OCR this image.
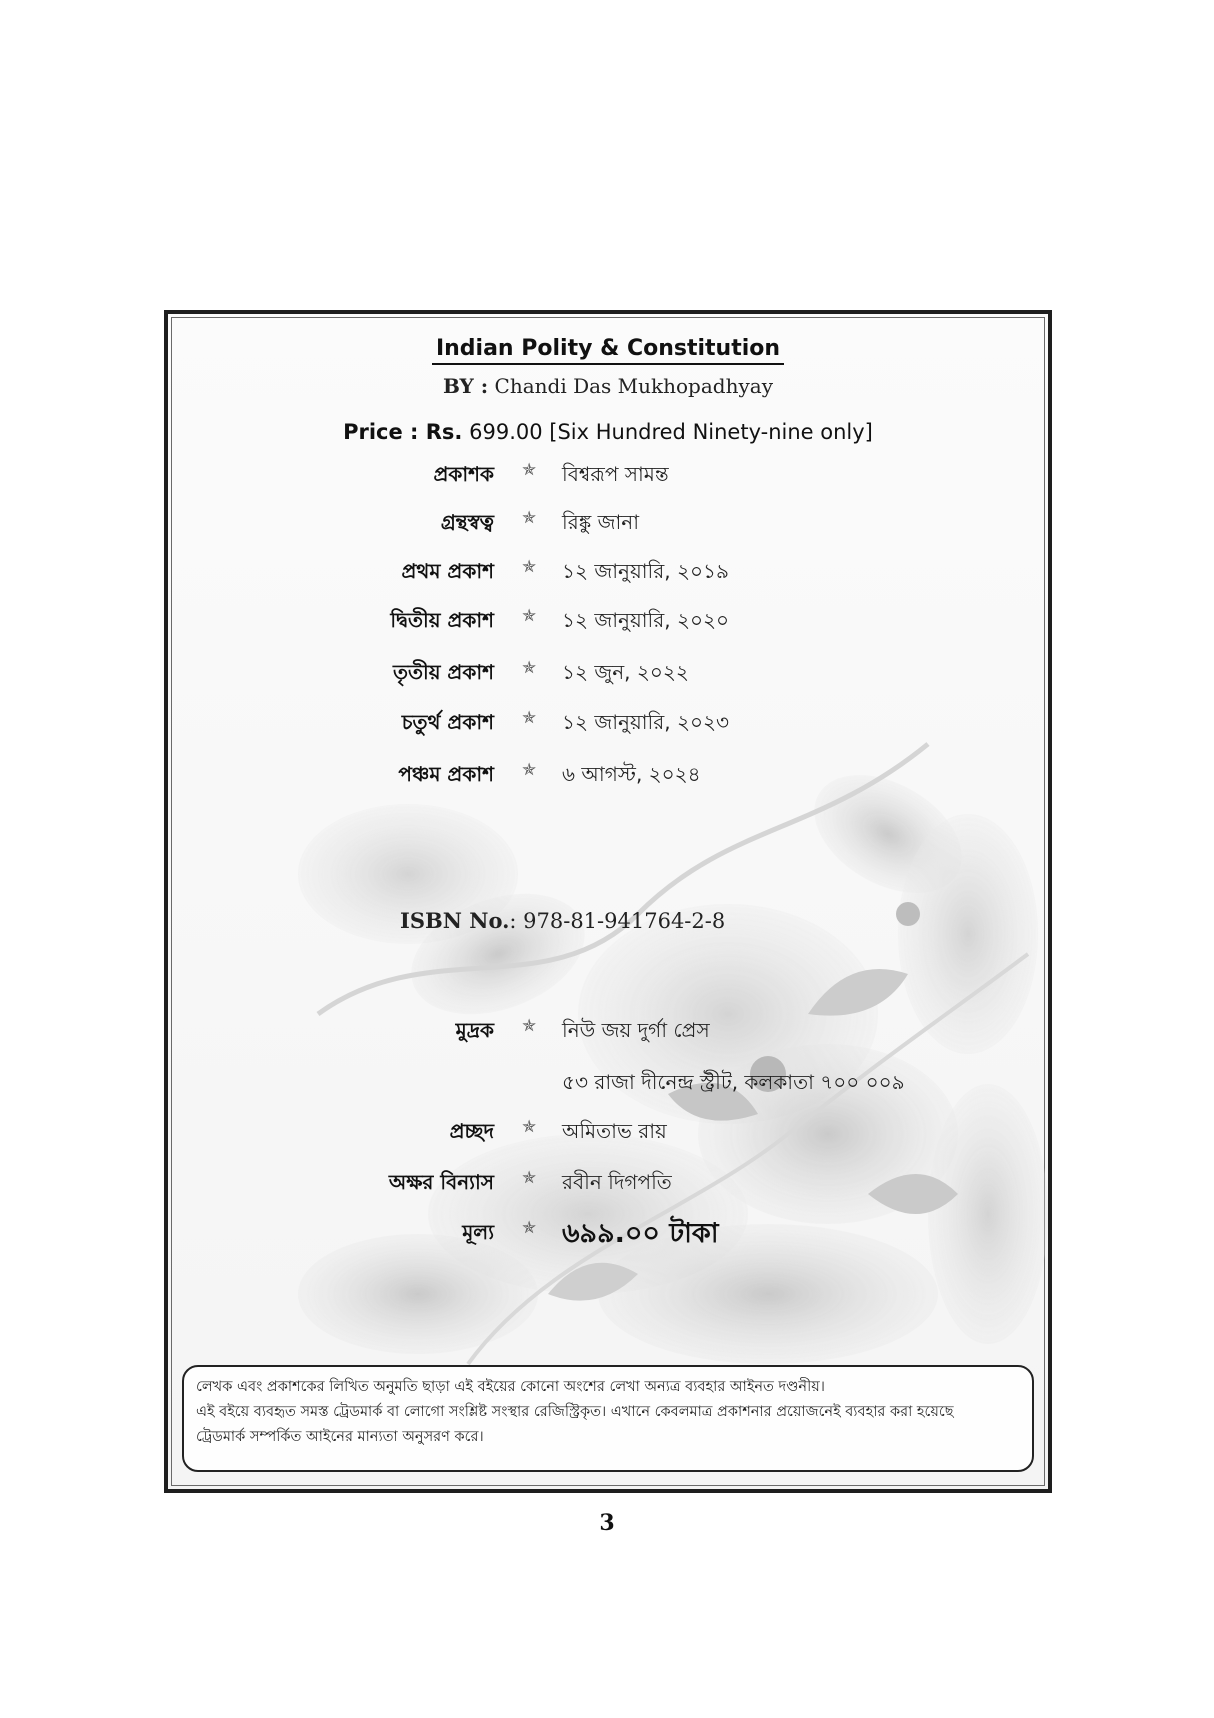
Indian Polity & Constitution
BY : Chandi Das Mukhopadhyay
Price : Rs. 699.00 [Six Hundred Ninety-nine only]
প্রকাশক ✯ বিশ্বরূপ সামন্ত
গ্রন্থস্বত্ব ✯ রিঙ্কু জানা
প্রথম প্রকাশ ✯ ১২ জানুয়ারি, ২০১৯
দ্বিতীয় প্রকাশ ✯ ১২ জানুয়ারি, ২০২০
তৃতীয় প্রকাশ ✯ ১২ জুন, ২০২২
চতুর্থ প্রকাশ ✯ ১২ জানুয়ারি, ২০২৩
পঞ্চম প্রকাশ ✯ ৬ আগস্ট, ২০২৪
ISBN No.: 978-81-941764-2-8
মুদ্রক ✯ নিউ জয় দুর্গা প্রেস
৫৩ রাজা দীনেন্দ্র স্ট্রীট, কলকাতা ৭০০ ০০৯
প্রচ্ছদ ✯ অমিতাভ রায়
অক্ষর বিন্যাস ✯ রবীন দিগপতি
মূল্য ✯ ৬৯৯.০০ টাকা

লেখক এবং প্রকাশকের লিখিত অনুমতি ছাড়া এই বইয়ের কোনো অংশের লেখা অন্যত্র ব্যবহার আইনত দণ্ডনীয়।

এই বইয়ে ব্যবহৃত সমস্ত ট্রেডমার্ক বা লোগো সংশ্লিষ্ট সংস্থার রেজিস্ট্রিকৃত। এখানে কেবলমাত্র প্রকাশনার প্রয়োজনেই ব্যবহার করা হয়েছে

ট্রেডমার্ক সম্পর্কিত আইনের মান্যতা অনুসরণ করে।

3
